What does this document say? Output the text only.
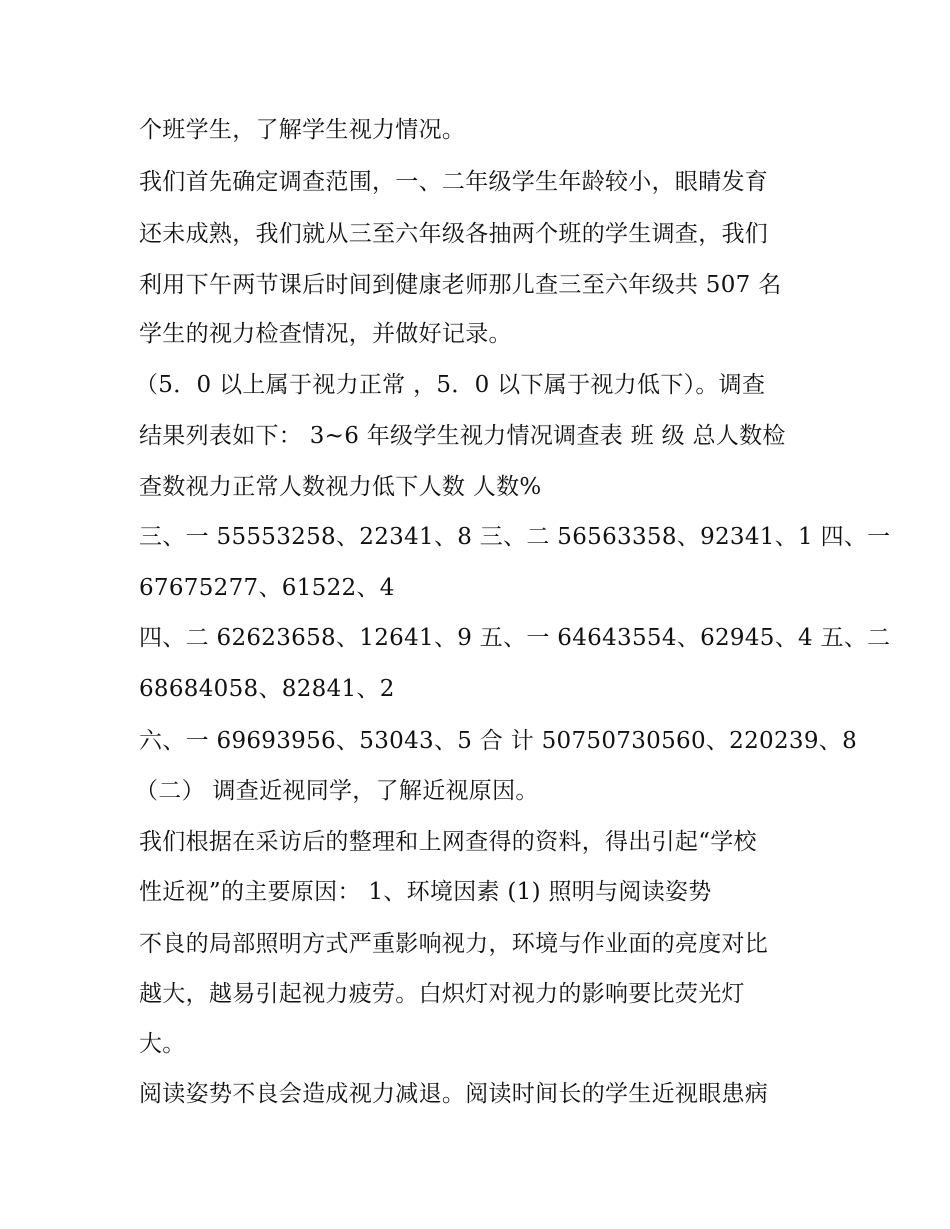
个班学生，了解学生视力情况。
我们首先确定调查范围，一、二年级学生年龄较小，眼睛发育
还未成熟，我们就从三至六年级各抽两个班的学生调查，我们
利用下午两节课后时间到健康老师那儿查三至六年级共 507 名
学生的视力检查情况，并做好记录。
（5．0 以上属于视力正常 ，5．0 以下属于视力低下）。调查
结果列表如下： 3~6 年级学生视力情况调查表 班 级 总人数检
查数视力正常人数视力低下人数 人数%
三、一 55553258、22341、8 三、二 56563358、92341、1 四、一
67675277、61522、4
四、二 62623658、12641、9 五、一 64643554、62945、4 五、二
68684058、82841、2
六、一 69693956、53043、5 合 计 50750730560、220239、8
（二） 调查近视同学，了解近视原因。
我们根据在采访后的整理和上网查得的资料，得出引起“学校
性近视”的主要原因： 1、环境因素 (1) 照明与阅读姿势
不良的局部照明方式严重影响视力，环境与作业面的亮度对比
越大，越易引起视力疲劳。白炽灯对视力的影响要比荧光灯
大。
阅读姿势不良会造成视力减退。阅读时间长的学生近视眼患病
